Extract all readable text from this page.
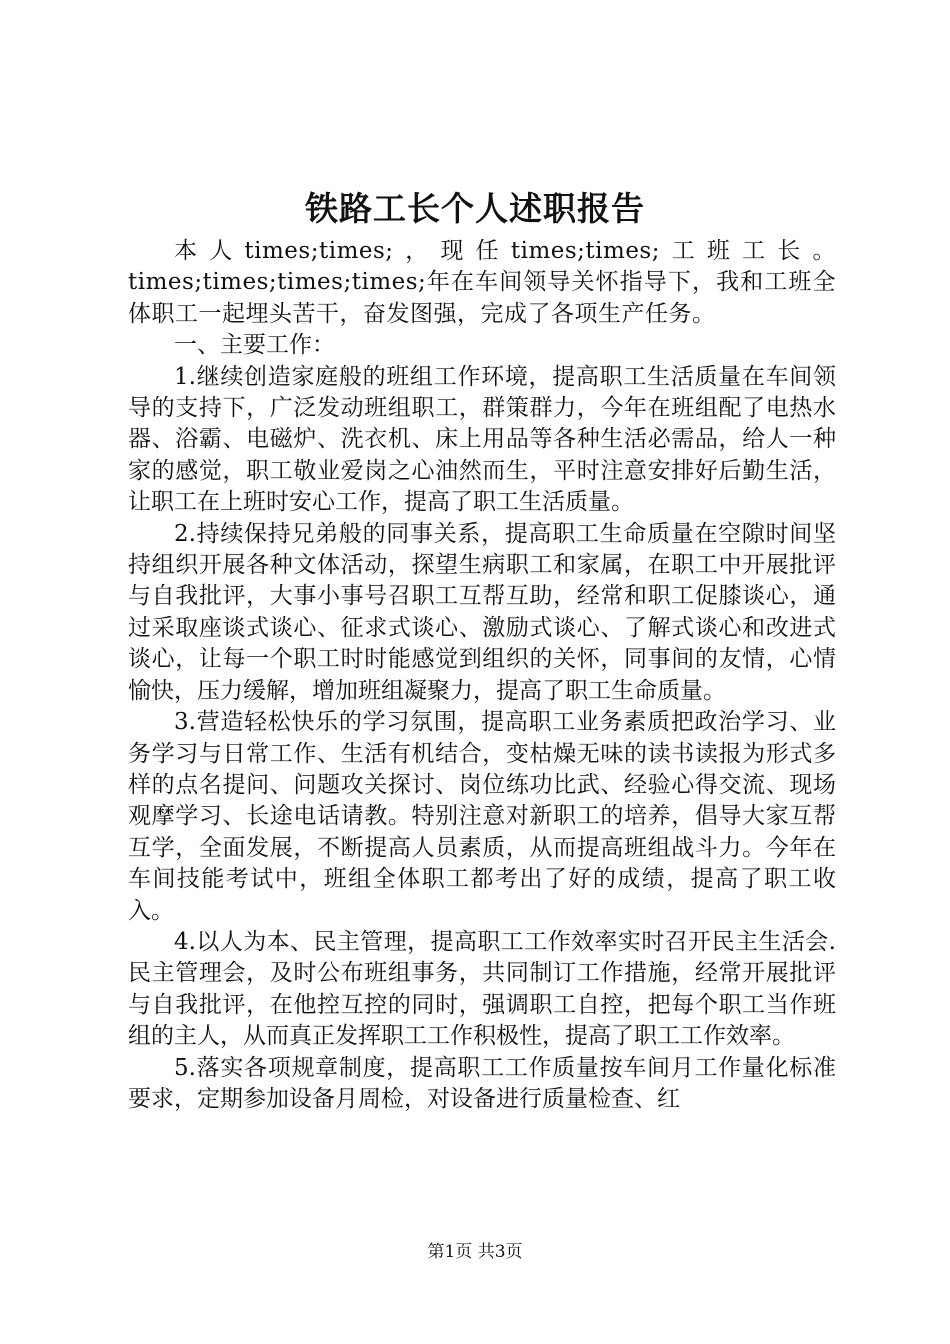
铁路工长个人述职报告

本人times;times;，现任times;times;工班工长。times;times;times;times;年在车间领导关怀指导下，我和工班全体职工一起埋头苦干，奋发图强，完成了各项生产任务。

一、主要工作：

1.继续创造家庭般的班组工作环境，提高职工生活质量在车间领导的支持下，广泛发动班组职工，群策群力，今年在班组配了电热水器、浴霸、电磁炉、洗衣机、床上用品等各种生活必需品，给人一种家的感觉，职工敬业爱岗之心油然而生，平时注意安排好后勤生活，让职工在上班时安心工作，提高了职工生活质量。

2.持续保持兄弟般的同事关系，提高职工生命质量在空隙时间坚持组织开展各种文体活动，探望生病职工和家属，在职工中开展批评与自我批评，大事小事号召职工互帮互助，经常和职工促膝谈心，通过采取座谈式谈心、征求式谈心、激励式谈心、了解式谈心和改进式谈心，让每一个职工时时能感觉到组织的关怀，同事间的友情，心情愉快，压力缓解，增加班组凝聚力，提高了职工生命质量。

3.营造轻松快乐的学习氛围，提高职工业务素质把政治学习、业务学习与日常工作、生活有机结合，变枯燥无味的读书读报为形式多样的点名提问、问题攻关探讨、岗位练功比武、经验心得交流、现场观摩学习、长途电话请教。特别注意对新职工的培养，倡导大家互帮互学，全面发展，不断提高人员素质，从而提高班组战斗力。今年在车间技能考试中，班组全体职工都考出了好的成绩，提高了职工收入。

4.以人为本、民主管理，提高职工工作效率实时召开民主生活会.民主管理会，及时公布班组事务，共同制订工作措施，经常开展批评与自我批评，在他控互控的同时，强调职工自控，把每个职工当作班组的主人，从而真正发挥职工工作积极性，提高了职工工作效率。

5.落实各项规章制度，提高职工工作质量按车间月工作量化标准要求，定期参加设备月周检，对设备进行质量检查、红

第1页 共3页
